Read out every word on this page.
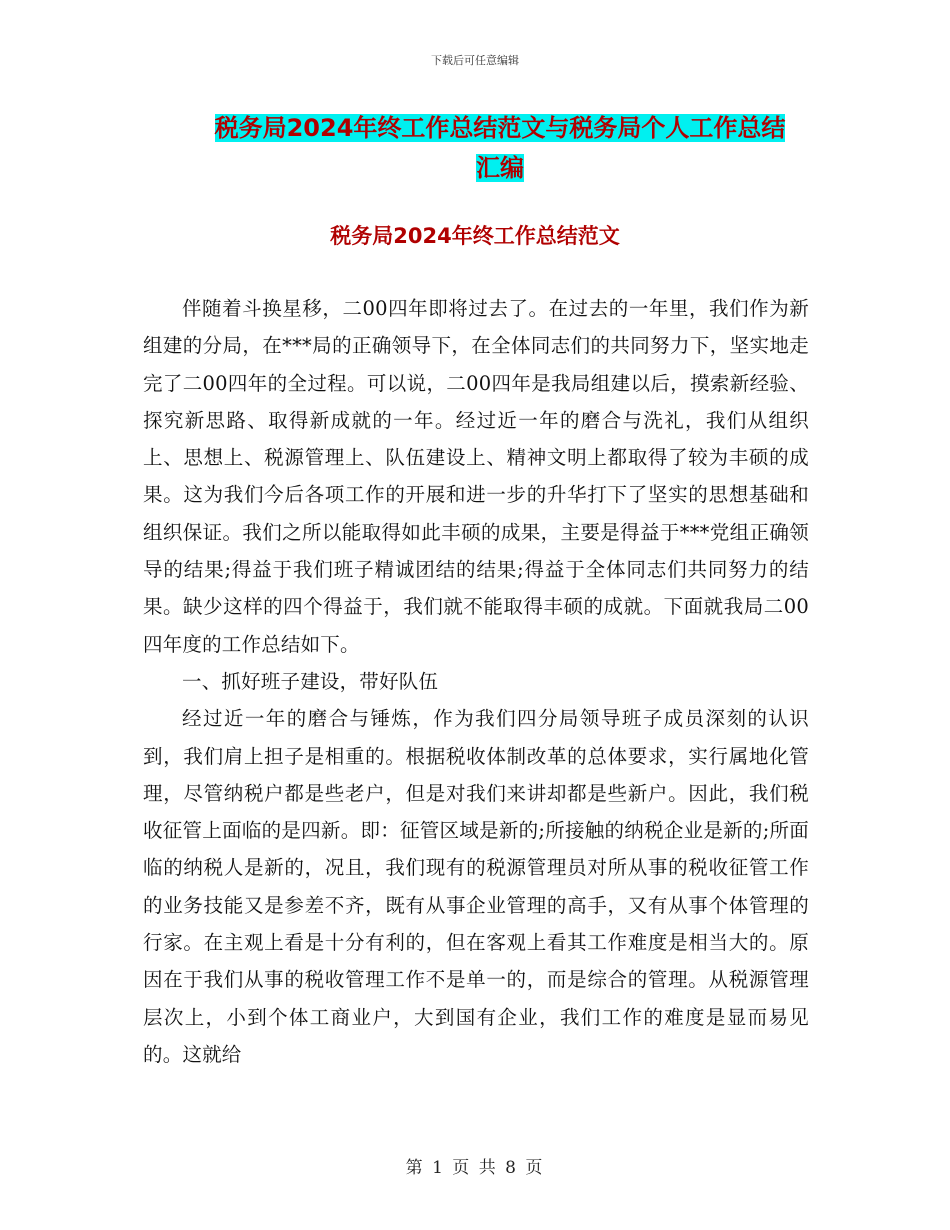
下载后可任意编辑
税务局2024年终工作总结范文与税务局个人工作总结
汇编
税务局2024年终工作总结范文

伴随着斗换星移，二00四年即将过去了。在过去的一年里，我们作为新组建的分局，在***局的正确领导下，在全体同志们的共同努力下，坚实地走完了二00四年的全过程。可以说，二00四年是我局组建以后，摸索新经验、探究新思路、取得新成就的一年。经过近一年的磨合与洗礼，我们从组织上、思想上、税源管理上、队伍建设上、精神文明上都取得了较为丰硕的成果。这为我们今后各项工作的开展和进一步的升华打下了坚实的思想基础和组织保证。我们之所以能取得如此丰硕的成果，主要是得益于***党组正确领导的结果;得益于我们班子精诚团结的结果;得益于全体同志们共同努力的结果。缺少这样的四个得益于，我们就不能取得丰硕的成就。下面就我局二00四年度的工作总结如下。

一、抓好班子建设，带好队伍

经过近一年的磨合与锤炼，作为我们四分局领导班子成员深刻的认识到，我们肩上担子是相重的。根据税收体制改革的总体要求，实行属地化管理，尽管纳税户都是些老户，但是对我们来讲却都是些新户。因此，我们税收征管上面临的是四新。即：征管区域是新的;所接触的纳税企业是新的;所面临的纳税人是新的，况且，我们现有的税源管理员对所从事的税收征管工作的业务技能又是参差不齐，既有从事企业管理的高手，又有从事个体管理的行家。在主观上看是十分有利的，但在客观上看其工作难度是相当大的。原因在于我们从事的税收管理工作不是单一的，而是综合的管理。从税源管理层次上，小到个体工商业户，大到国有企业，我们工作的难度是显而易见的。这就给

第 1 页 共 8 页
